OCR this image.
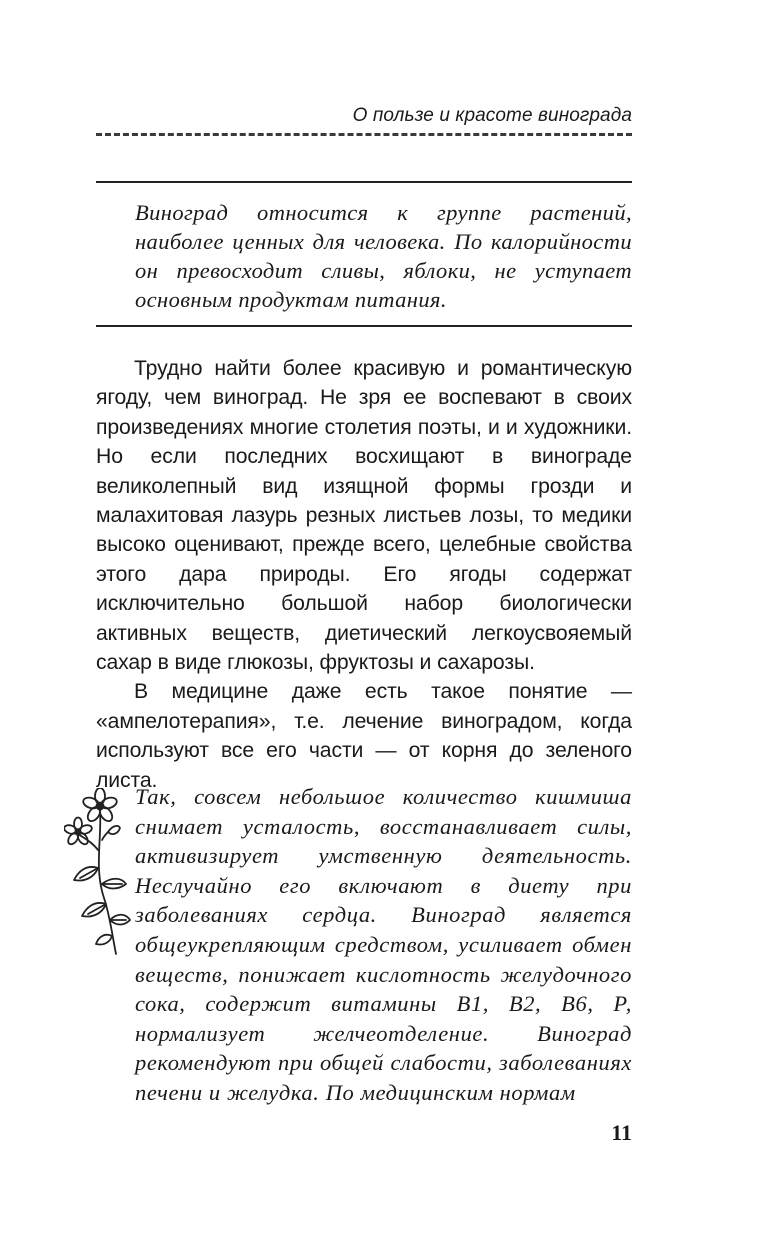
О пользе и красоте винограда

Виноград относится к группе растений, наиболее ценных для человека. По калорийности он превосходит сливы, яблоки, не уступает основным продуктам питания.

Трудно найти более красивую и романтическую ягоду, чем виноград. Не зря ее воспевают в своих произведениях многие столетия поэты, и и художники. Но если последних восхищают в винограде великолепный вид изящной формы грозди и малахитовая лазурь резных листьев лозы, то медики высоко оценивают, прежде всего, целебные свойства этого дара природы. Его ягоды содержат исключительно большой набор биологически активных веществ, диетический легкоусвояемый сахар в виде глюкозы, фруктозы и сахарозы.

В медицине даже есть такое понятие — «ампелотерапия», т.е. лечение виноградом, когда используют все его части — от корня до зеленого листа.

Так, совсем небольшое количество кишмиша снимает усталость, восстанавливает силы, активизирует умственную деятельность. Неслучайно его включают в диету при заболеваниях сердца. Виноград является общеукрепляющим средством, усиливает обмен веществ, понижает кислотность желудочного сока, содержит витамины В1, В2, В6, Р, нормализует желчеотделение. Виноград рекомендуют при общей слабости, заболеваниях печени и желудка. По медицинским нормам

11
